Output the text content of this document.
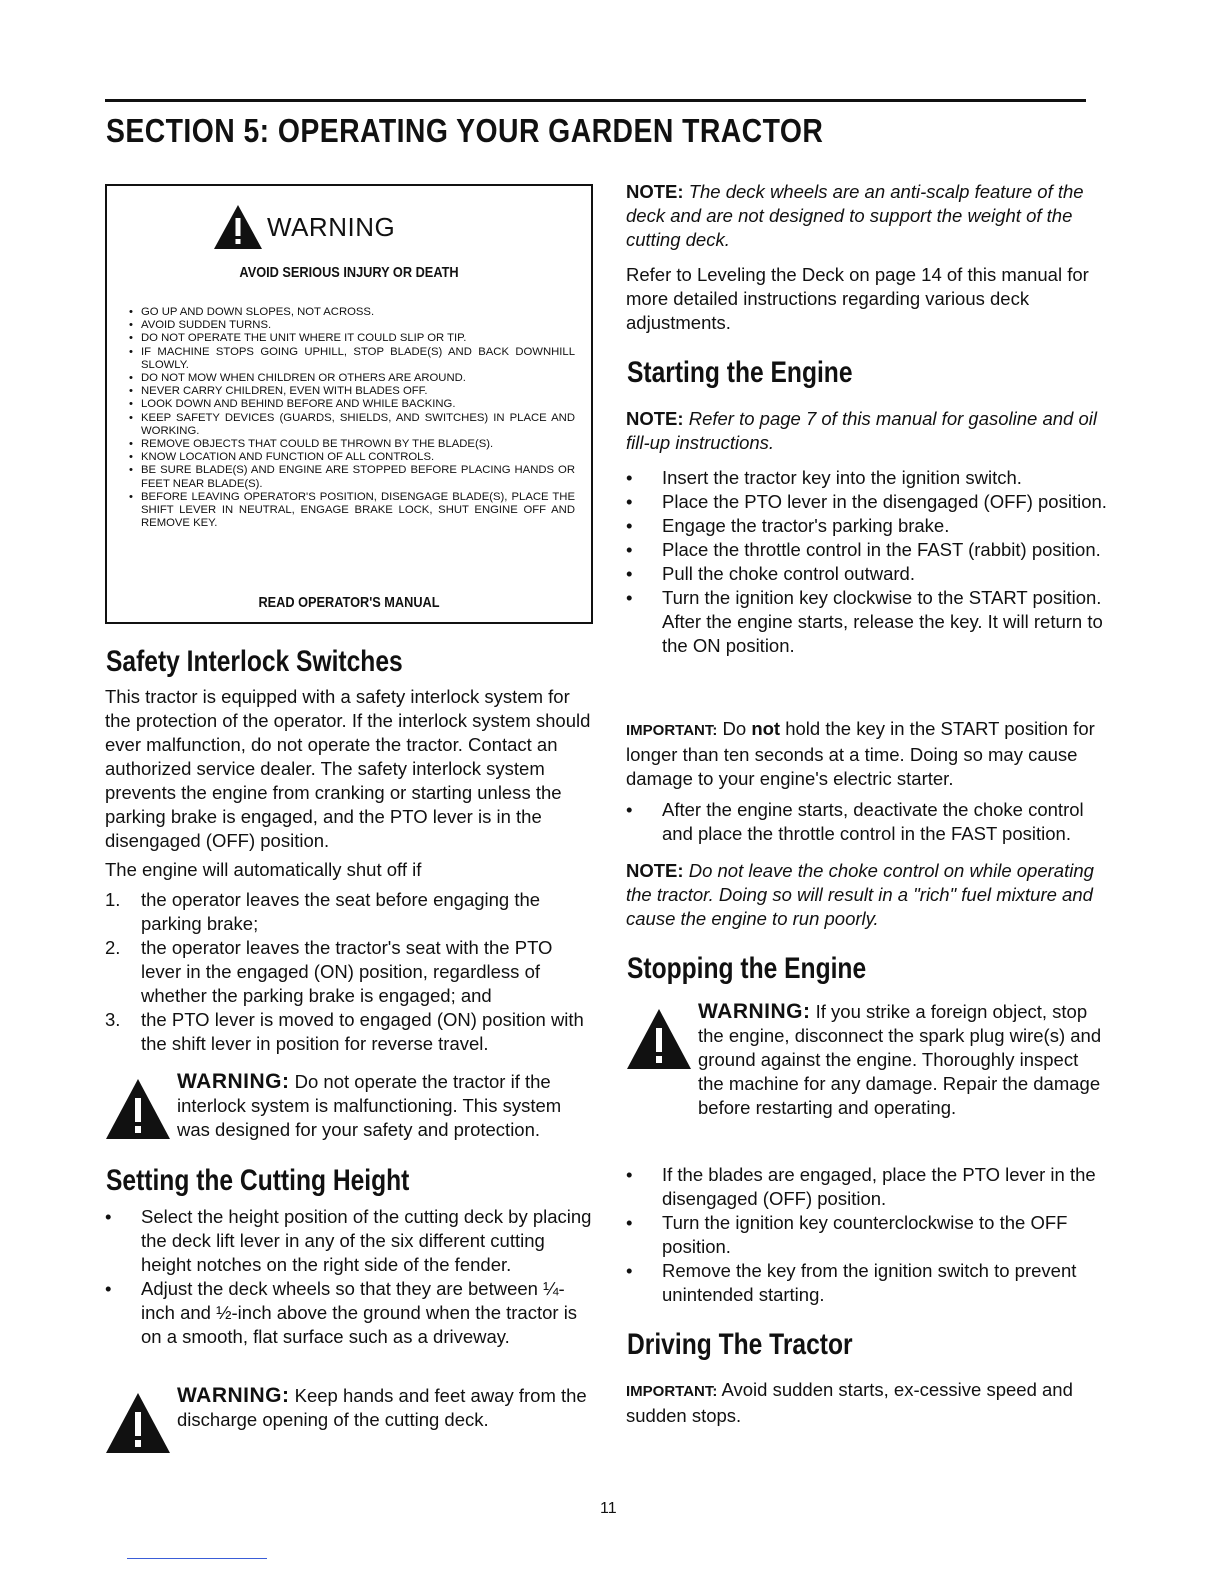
SECTION 5: OPERATING YOUR GARDEN TRACTOR
WARNING
AVOID SERIOUS INJURY OR DEATH
• GO UP AND DOWN SLOPES, NOT ACROSS.
• AVOID SUDDEN TURNS.
• DO NOT OPERATE THE UNIT WHERE IT COULD SLIP OR TIP.
• IF MACHINE STOPS GOING UPHILL, STOP BLADE(S) AND BACK DOWNHILL SLOWLY.
• DO NOT MOW WHEN CHILDREN OR OTHERS ARE AROUND.
• NEVER CARRY CHILDREN, EVEN WITH BLADES OFF.
• LOOK DOWN AND BEHIND BEFORE AND WHILE BACKING.
• KEEP SAFETY DEVICES (GUARDS, SHIELDS, AND SWITCHES) IN PLACE AND WORKING.
• REMOVE OBJECTS THAT COULD BE THROWN BY THE BLADE(S).
• KNOW LOCATION AND FUNCTION OF ALL CONTROLS.
• BE SURE BLADE(S) AND ENGINE ARE STOPPED BEFORE PLACING HANDS OR FEET NEAR BLADE(S).
• BEFORE LEAVING OPERATOR'S POSITION, DISENGAGE BLADE(S), PLACE THE SHIFT LEVER IN NEUTRAL, ENGAGE BRAKE LOCK, SHUT ENGINE OFF AND REMOVE KEY.
READ OPERATOR'S MANUAL
Safety Interlock Switches

This tractor is equipped with a safety interlock system for the protection of the operator. If the interlock system should ever malfunction, do not operate the tractor. Contact an authorized service dealer. The safety interlock system prevents the engine from cranking or starting unless the parking brake is engaged, and the PTO lever is in the disengaged (OFF) position.

The engine will automatically shut off if

1. the operator leaves the seat before engaging the parking brake;
2. the operator leaves the tractor's seat with the PTO lever in the engaged (ON) position, regardless of whether the parking brake is engaged; and
3. the PTO lever is moved to engaged (ON) position with the shift lever in position for reverse travel.
WARNING: Do not operate the tractor if the interlock system is malfunctioning. This system was designed for your safety and protection.
Setting the Cutting Height
• Select the height position of the cutting deck by placing the deck lift lever in any of the six different cutting height notches on the right side of the fender.
• Adjust the deck wheels so that they are between ¼-inch and ½-inch above the ground when the tractor is on a smooth, flat surface such as a driveway.
WARNING: Keep hands and feet away from the discharge opening of the cutting deck.

NOTE: The deck wheels are an anti-scalp feature of the deck and are not designed to support the weight of the cutting deck.

Refer to Leveling the Deck on page 14 of this manual for more detailed instructions regarding various deck adjustments.

Starting the Engine

NOTE: Refer to page 7 of this manual for gasoline and oil fill-up instructions.

• Insert the tractor key into the ignition switch.
• Place the PTO lever in the disengaged (OFF) position.
• Engage the tractor's parking brake.
• Place the throttle control in the FAST (rabbit) position.
• Pull the choke control outward.
• Turn the ignition key clockwise to the START position. After the engine starts, release the key. It will return to the ON position.

IMPORTANT: Do not hold the key in the START position for longer than ten seconds at a time. Doing so may cause damage to your engine's electric starter.

• After the engine starts, deactivate the choke control and place the throttle control in the FAST position.

NOTE: Do not leave the choke control on while operating the tractor. Doing so will result in a "rich" fuel mixture and cause the engine to run poorly.

Stopping the Engine
WARNING: If you strike a foreign object, stop the engine, disconnect the spark plug wire(s) and ground against the engine. Thoroughly inspect the machine for any damage. Repair the damage before restarting and operating.
• If the blades are engaged, place the PTO lever in the disengaged (OFF) position.
• Turn the ignition key counterclockwise to the OFF position.
• Remove the key from the ignition switch to prevent unintended starting.
Driving The Tractor

IMPORTANT: Avoid sudden starts, ex-cessive speed and sudden stops.

11
